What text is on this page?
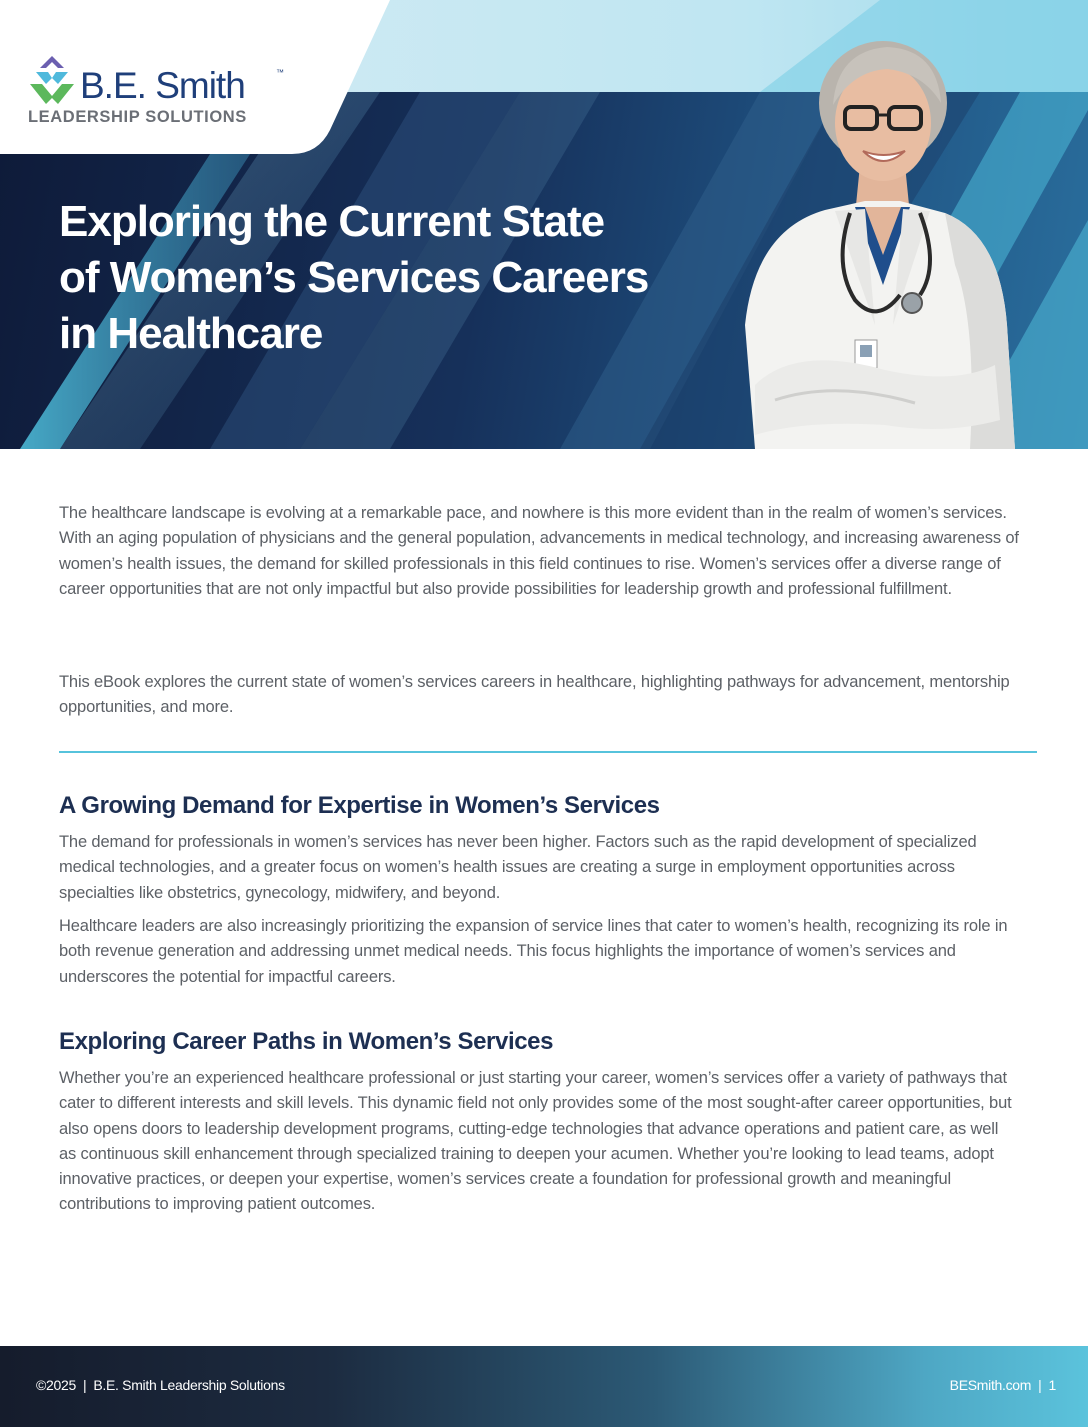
B.E. Smith	™
LEADERSHIP SOLUTIONS
Exploring the Current State
of Women’s Services Careers
in Healthcare

The healthcare landscape is evolving at a remarkable pace, and nowhere is this more evident than in the realm of women’s services. With an aging population of physicians and the general population, advancements in medical technology, and increasing awareness of women’s health issues, the demand for skilled professionals in this field continues to rise. Women’s services offer a diverse range of career opportunities that are not only impactful but also provide possibilities for leadership growth and professional fulfillment.

This eBook explores the current state of women’s services careers in healthcare, highlighting pathways for advancement, mentorship opportunities, and more.

A Growing Demand for Expertise in Women’s Services

The demand for professionals in women’s services has never been higher. Factors such as the rapid development of specialized medical technologies, and a greater focus on women’s health issues are creating a surge in employment opportunities across specialties like obstetrics, gynecology, midwifery, and beyond.

Healthcare leaders are also increasingly prioritizing the expansion of service lines that cater to women’s health, recognizing its role in both revenue generation and addressing unmet medical needs. This focus highlights the importance of women’s services and underscores the potential for impactful careers.

Exploring Career Paths in Women’s Services

Whether you’re an experienced healthcare professional or just starting your career, women’s services offer a variety of pathways that cater to different interests and skill levels. This dynamic field not only provides some of the most sought-after career opportunities, but also opens doors to leadership development programs, cutting-edge technologies that advance operations and patient care, as well as continuous skill enhancement through specialized training to deepen your acumen. Whether you’re looking to lead teams, adopt innovative practices, or deepen your expertise, women’s services create a foundation for professional growth and meaningful contributions to improving patient outcomes.

©2025 | B.E. Smith Leadership Solutions	BESmith.com | 1
